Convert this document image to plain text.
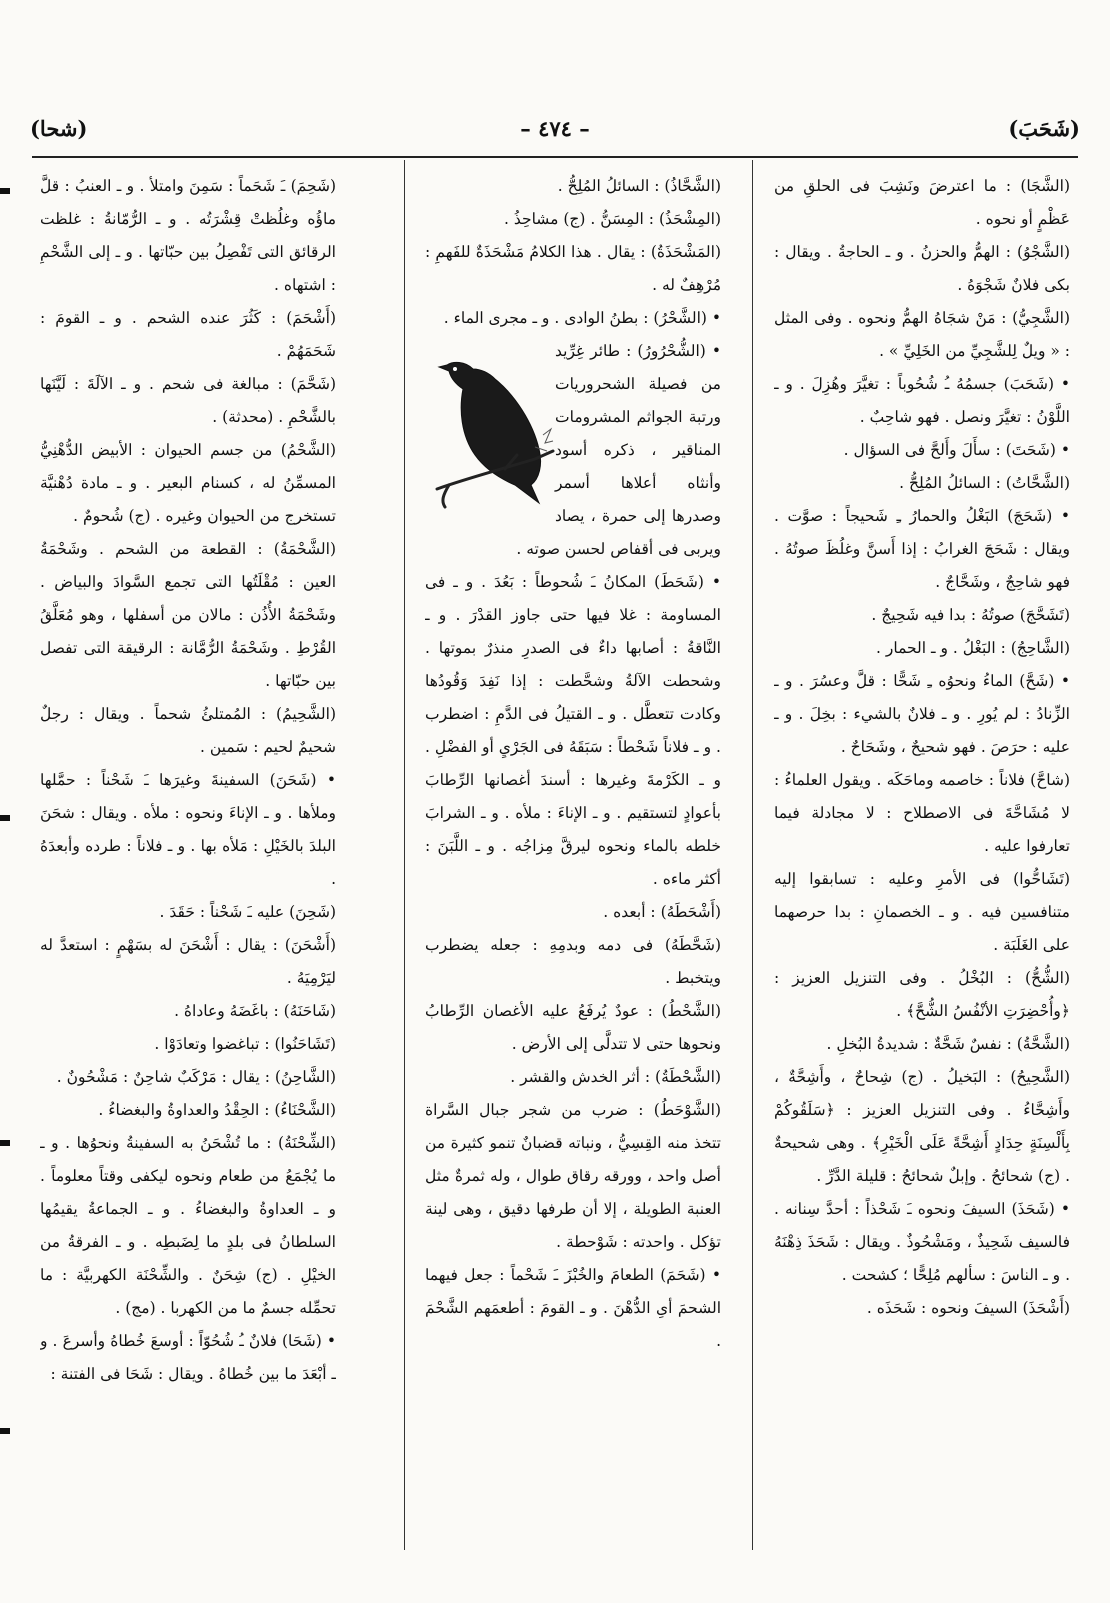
(شَحَبَ)
– ٤٧٤ –
(شحا)

(الشَّجَا) : ما اعترضَ ونَشِبَ فى الحلقِ من عَظْمٍ أو نحوه .

(الشَّجْوُ) : الهمُّ والحزنُ . و ـ الحاجةُ . ويقال : بكى فلانٌ شَجْوَهُ .

(الشَّجِيُّ) : مَنْ شجَاهُ الهمُّ ونحوه . وفى المثل : « ويلٌ لِلشَّجِيِّ من الخَلِيِّ » .

• (شَحَبَ) جسمُهُ ـُ شُحُوباً : تغيَّرَ وهُزِلَ . و ـ اللَّوْنُ : تغيَّرَ ونصل . فهو شاحِبٌ .

• (شَحَتَ) : سأَلَ وأَلحَّ فى السؤال .

(الشَّحَّاتُ) : السائلُ المُلِحُّ .

• (شَحَجَ) البَغْلُ والحمارُ ـِ شَحيجاً : صوَّت . ويقال : شَحَجَ الغرابُ : إذا أَسنَّ وغلُظَ صوتُهُ . فهو شاحِجٌ ، وشَحَّاجٌ .

(تَشَحَّجَ) صوتُهُ : بدا فيه شَحِيجٌ .

(الشَّاحِجُ) : البَغْلُ . و ـ الحمار .

• (شَحَّ) الماءُ ونحوُه ـِ شَحًّا : قلَّ وعسُرَ . و ـ الزِّنادُ : لم يُورِ . و ـ فلانٌ بالشيء : بخِلَ . و ـ عليه : حرَصَ . فهو شحيحٌ ، وشَحَاحٌ .

(شاحَّ) فلاناً : خاصمه وماحَكَه . ويقول العلماءُ : لا مُشَاحَّةَ فى الاصطلاح : لا مجادلة فيما تعارفوا عليه .

(تَشَاحُّوا) فى الأمرِ وعليه : تسابقوا إليه متنافسين فيه . و ـ الخصمانِ : بدا حرصهما على الغَلَبَة .

(الشُّحُّ) : البُخْلُ . وفى التنزيل العزيز : ﴿وأُحْضِرَتِ الأنْفُسُ الشُّحَّ﴾ .

(الشَّحَّةُ) : نفسٌ شَحَّةٌ : شديدةُ البُخلِ .

(الشَّحِيحُ) : البَخيلُ . (ج) شِحاحٌ ، وأَشِحَّةٌ ، وأَشِحَّاءُ . وفى التنزيل العزيز : ﴿سَلَقُوكُمْ بِأَلْسِنَةٍ حِدَادٍ أَشِحَّةً عَلَى الْخَيْرِ﴾ . وهى شحيحةٌ . (ج) شحائحُ . وإبلٌ شحائحُ : قليلة الدَّرِّ .

• (شَحَذَ) السيفَ ونحوه ـَ شَحْذاً : أحدَّ سِنانه . فالسيف شَحِيذٌ ، ومَشْحُوذٌ . ويقال : شَحَذَ ذِهْنَهُ . و ـ الناسَ : سألهم مُلِحًّا ؛ كشحت .

(أَشْحَذَ) السيفَ ونحوه : شَحَذَه .

(الشَّحَّاذُ) : السائلُ المُلِحُّ .

(المِشْحَذُ) : المِسَنُّ . (ج) مشاحِذُ .

(المَشْحَذَةُ) : يقال . هذا الكلامُ مَشْحَذَةٌ للفَهمِ : مُرْهِفٌ له .

• (الشَّحْرُ) : بطنُ الوادى . و ـ مجرى الماء .

• (الشُّحْرُورُ) : طائر غِرِّيد من فصيلة الشحروريات ورتبة الجواثم المشرومات المناقير ، ذكره أسود وأنثاه أعلاها أسمر وصدرها إلى حمرة ، يصاد ويربى فى أقفاص لحسن صوته .

• (شَحَطَ) المكانُ ـَ شُحوطاً : بَعُدَ . و ـ فى المساومة : غلا فيها حتى جاوز القدْرَ . و ـ النَّاقةُ : أصابها داءٌ فى الصدرِ منذرٌ بموتها . وشحطت الآلةُ وشحَّطت : إذا نَفِدَ وَقُودُها وكادت تتعطَّل . و ـ القتيلُ فى الدَّمِ : اضطرب . و ـ فلاناً شَحْطاً : سَبَقَهُ فى الجَرْيِ أو الفضْلِ . و ـ الكَرْمةَ وغيرها : أسندَ أغصانها الرِّطابَ بأعوادٍ لتستقيم . و ـ الإناءَ : ملأه . و ـ الشرابَ خلطه بالماء ونحوه ليرقَّ مِزاجُه . و ـ اللَّبَنَ : أكثر ماءه .

(أَشْحَطَهُ) : أبعده .

(شَحَّطَهُ) فى دمه وبدمِهِ : جعله يضطرب ويتخبط .

(الشَّحْطُ) : عودٌ يُرفَعُ عليه الأغصان الرِّطابُ ونحوها حتى لا تتدلَّى إلى الأرض .

(الشَّحْطَةُ) : أثر الخدش والقشر .

(الشَّوْحَطُ) : ضرب من شجر جبال السَّراة تتخذ منه القِسِيُّ ، ونباته قضبانٌ تنمو كثيرة من أصل واحد ، وورقه رقاق طوال ، وله ثمرةٌ مثل العنبة الطويلة ، إلا أن طرفها دقيق ، وهى لينة تؤكل . واحدته : شَوْحطة .

• (شَحَمَ) الطعامَ والخُبْزَ ـَ شَحْماً : جعل فيهما الشحمَ أىِ الدُّهْنَ . و ـ القومَ : أطعمَهم الشَّحْمَ .

(شَحِمَ) ـَ شَحَماً : سَمِنَ وامتلأ . و ـ العنبُ : قلَّ ماؤُه وغلُظتْ قِشْرَتُه . و ـ الرُّمّانةُ : غلظت الرقائق التى تَفْصِلُ بين حبّاتها . و ـ إلى الشَّحْمِ : اشتهاه .

(أَشْحَمَ) : كَثُرَ عنده الشحم . و ـ القومَ : شَحَمَهُمْ .

(شَحَّمَ) : مبالغة فى شحم . و ـ الآلَةَ : لَيَّنَها بالشَّحْمِ . (محدثة) .

(الشَّحْمُ) من جسم الحيوان : الأبيض الدُّهْنِيُّ المسمِّنُ له ، كسنام البعير . و ـ مادة دُهْنيَّة تستخرج من الحيوان وغيره . (ج) شُحومٌ .

(الشَّحْمَةُ) : القطعة من الشحم . وشَحْمَةُ العين : مُقْلَتُها التى تجمع السَّوادَ والبياض . وشَحْمَةُ الأُذُن : مالان من أسفلها ، وهو مُعَلَّقُ القُرْطِ . وشَحْمَةُ الرُّمَّانة : الرقيقة التى تفصل بين حبّاتها .

(الشَّحِيمُ) : المُمتلئُ شحماً . ويقال : رجلٌ شحيمٌ لحيم : سَمين .

• (شَحَنَ) السفينةَ وغيرَها ـَ شَحْناً : حمَّلها وملأها . و ـ الإناءَ ونحوه : ملأه . ويقال : شحَنَ البلدَ بالخَيْلِ : مَلأه بها . و ـ فلاناً : طرده وأبعدَهُ .

(شَحِنَ) عليه ـَ شَحْناً : حَقَدَ .

(أَشْحَنَ) : يقال : أَشْحَنَ له بسَهْمٍ : استعدَّ له ليَرْمِيَهُ .

(شَاحَنَهُ) : باغَضَهُ وعاداهُ .

(تَشَاحَنُوا) : تباغضوا وتعادَوْا .

(الشَّاحِنُ) : يقال : مَرْكَبٌ شاحِنٌ : مَشْحُونٌ .

(الشَّحْنَاءُ) : الحِقْدُ والعداوةُ والبغضاءُ .

(الشِّحْنَةُ) : ما تُشْحَنُ به السفينةُ ونحوُها . و ـ ما يُجْمَعُ من طعام ونحوه ليكفى وقتاً معلوماً . و ـ العداوةُ والبغضاءُ . و ـ الجماعةُ يقيمُها السلطانُ فى بلدٍ ما لِضَبطِه . و ـ الفرقةُ من الخيْلِ . (ج) شِحَنٌ . والشِّحْنَة الكهربيَّة : ما تحمِّله جسمٌ ما من الكهربا . (مج) .

• (شَحَا) فلانٌ ـُ شُحُوّاً : أوسعَ خُطاهُ وأسرعَ . و ـ أبْعَدَ ما بين خُطاهُ . ويقال : شَحَا فى الفتنة :
